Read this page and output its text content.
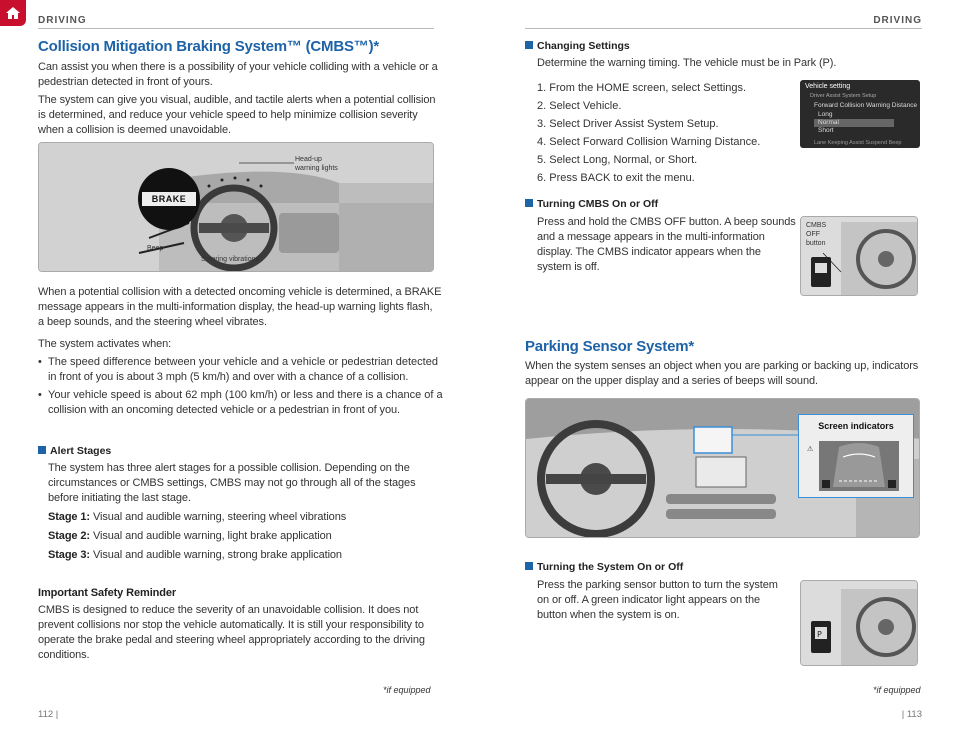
DRIVING
Collision Mitigation Braking System™ (CMBS™)*
Can assist you when there is a possibility of your vehicle colliding with a vehicle or a
pedestrian detected in front of yours.
The system can give you visual, audible, and tactile alerts when a potential collision
is determined, and reduce your vehicle speed to help minimize collision severity
when a collision is deemed unavoidable.
BRAKE
Head-up
warning lights
Beep
Steering vibrations
When a potential collision with a detected oncoming vehicle is determined, a BRAKE
message appears in the multi-information display, the head-up warning lights flash,
a beep sounds, and the steering wheel vibrates.
The system activates when:
• The speed difference between your vehicle and a vehicle or pedestrian detected
in front of you is about 3 mph (5 km/h) and over with a chance of a collision.
• Your vehicle speed is about 62 mph (100 km/h) or less and there is a chance of a
collision with an oncoming detected vehicle or a pedestrian in front of you.
Alert Stages
The system has three alert stages for a possible collision. Depending on the
circumstances or CMBS settings, CMBS may not go through all of the stages
before initiating the last stage.
Stage 1: Visual and audible warning, steering wheel vibrations
Stage 2: Visual and audible warning, light brake application
Stage 3: Visual and audible warning, strong brake application
Important Safety Reminder
CMBS is designed to reduce the severity of an unavoidable collision. It does not
prevent collisions nor stop the vehicle automatically. It is still your responsibility to
operate the brake pedal and steering wheel appropriately according to the driving
conditions.
*if equipped
112 |
DRIVING
Changing Settings
Determine the warning timing. The vehicle must be in Park (P).
1. From the HOME screen, select Settings.
2. Select Vehicle.
3. Select Driver Assist System Setup.
4. Select Forward Collision Warning Distance.
5. Select Long, Normal, or Short.
6. Press BACK to exit the menu.
Vehicle setting
Driver Assist System Setup
Forward Collision Warning Distance
Long
Normal
Short
Lane Keeping Assist Suspend Beep
Turning CMBS On or Off
Press and hold the CMBS OFF button. A beep sounds
and a message appears in the multi-information
display. The CMBS indicator appears when the
system is off.
CMBS
OFF
button
Parking Sensor System*
When the system senses an object when you are parking or backing up, indicators
appear on the upper display and a series of beeps will sound.
Screen indicators
⚠
Turning the System On or Off
Press the parking sensor button to turn the system
on or off. A green indicator light appears on the
button when the system is on.
P
*if equipped
| 113
